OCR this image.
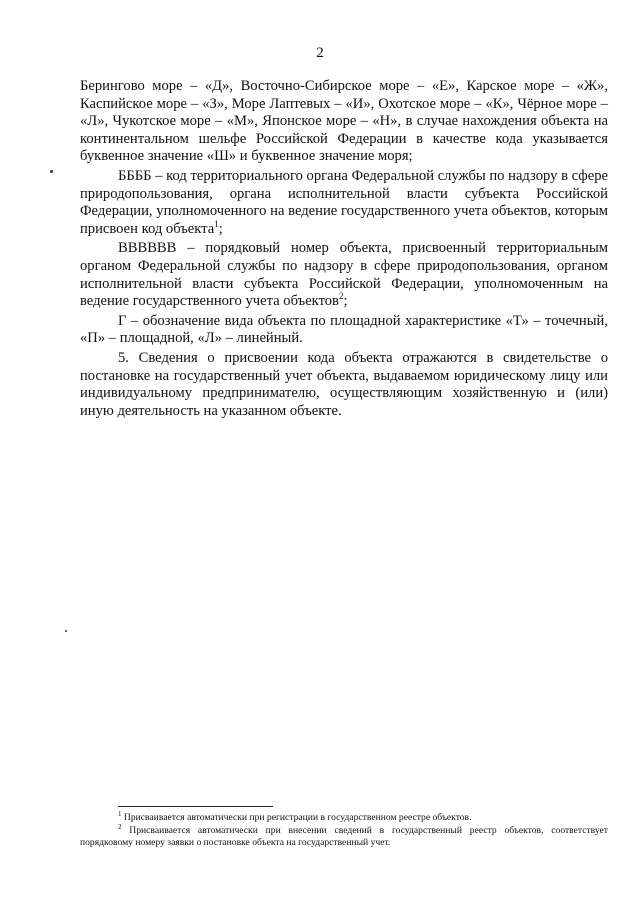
2

Берингово море – «Д», Восточно-Сибирское море – «Е», Карское море – «Ж», Каспийское море – «З», Море Лаптевых – «И», Охотское море – «К», Чёрное море – «Л», Чукотское море – «М», Японское море – «Н», в случае нахождения объекта на континентальном шельфе Российской Федерации в качестве кода указывается буквенное значение «Ш» и буквенное значение моря;

ББББ – код территориального органа Федеральной службы по надзору в сфере природопользования, органа исполнительной власти субъекта Российской Федерации, уполномоченного на ведение государственного учета объектов, которым присвоен код объекта$^1$;

ВВВВВВ – порядковый номер объекта, присвоенный территориальным органом Федеральной службы по надзору в сфере природопользования, органом исполнительной власти субъекта Российской Федерации, уполномоченным на ведение государственного учета объектов$^2$;

Г – обозначение вида объекта по площадной характеристике «Т» – точечный, «П» – площадной, «Л» – линейный.

5. Сведения о присвоении кода объекта отражаются в свидетельстве о постановке на государственный учет объекта, выдаваемом юридическому лицу или индивидуальному предпринимателю, осуществляющим хозяйственную и (или) иную деятельность на указанном объекте.

$^1$ Присваивается автоматически при регистрации в государственном реестре объектов.

$^2$ Присваивается автоматически при внесении сведений в государственный реестр объектов, соответствует порядковому номеру заявки о постановке объекта на государственный учет.
